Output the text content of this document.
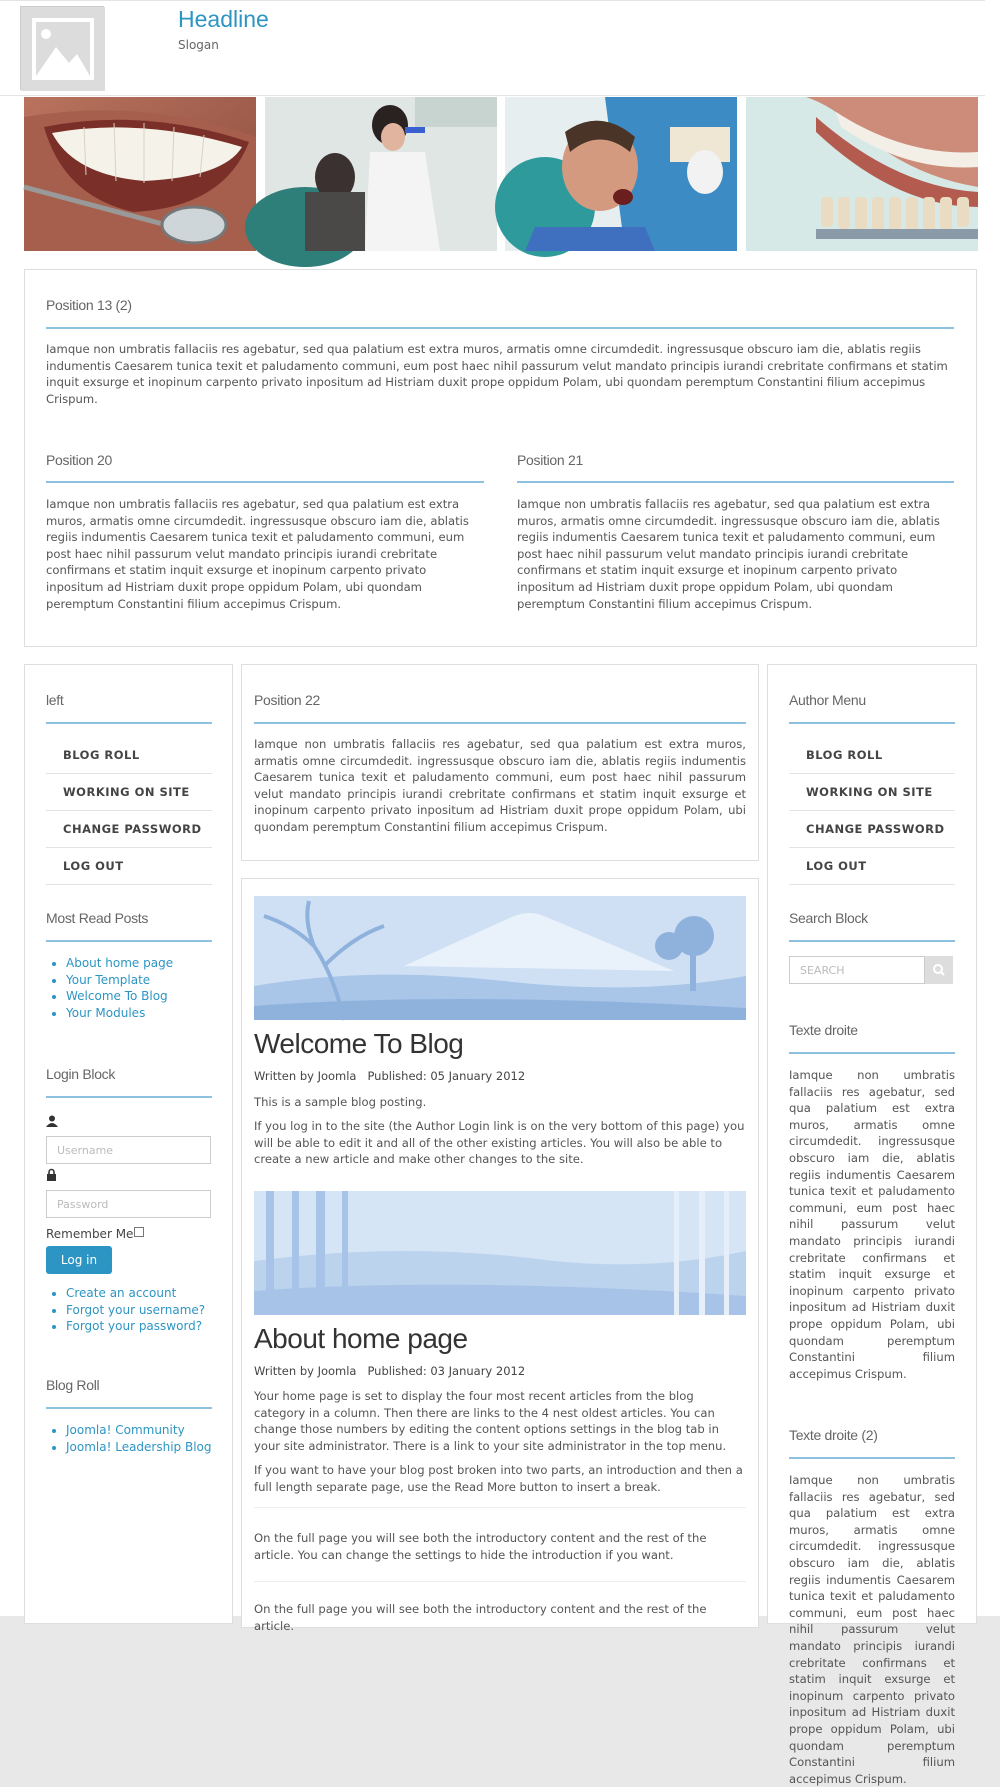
Headline
Slogan
Position 13 (2)
Iamque non umbratis fallaciis res agebatur, sed qua palatium est extra muros, armatis omne circumdedit. ingressusque obscuro iam die, ablatis regiis indumentis Caesarem tunica texit et paludamento communi, eum post haec nihil passurum velut mandato principis iurandi crebritate confirmans et statim inquit exsurge et inopinum carpento privato inpositum ad Histriam duxit prope oppidum Polam, ubi quondam peremptum Constantini filium accepimus Crispum.
Position 20
Iamque non umbratis fallaciis res agebatur, sed qua palatium est extra muros, armatis omne circumdedit. ingressusque obscuro iam die, ablatis regiis indumentis Caesarem tunica texit et paludamento communi, eum post haec nihil passurum velut mandato principis iurandi crebritate confirmans et statim inquit exsurge et inopinum carpento privato inpositum ad Histriam duxit prope oppidum Polam, ubi quondam peremptum Constantini filium accepimus Crispum.
Position 21
Iamque non umbratis fallaciis res agebatur, sed qua palatium est extra muros, armatis omne circumdedit. ingressusque obscuro iam die, ablatis regiis indumentis Caesarem tunica texit et paludamento communi, eum post haec nihil passurum velut mandato principis iurandi crebritate confirmans et statim inquit exsurge et inopinum carpento privato inpositum ad Histriam duxit prope oppidum Polam, ubi quondam peremptum Constantini filium accepimus Crispum.
left
BLOG ROLL
WORKING ON SITE
CHANGE PASSWORD
LOG OUT
Most Read Posts
• About home page
• Your Template
• Welcome To Blog
• Your Modules
Login Block
Username
Password
Remember Me
Log in
• Create an account
• Forgot your username?
• Forgot your password?
Blog Roll
• Joomla! Community
• Joomla! Leadership Blog
Position 22
Iamque non umbratis fallaciis res agebatur, sed qua palatium est extra muros, armatis omne circumdedit. ingressusque obscuro iam die, ablatis regiis indumentis Caesarem tunica texit et paludamento communi, eum post haec nihil passurum velut mandato principis iurandi crebritate confirmans et statim inquit exsurge et inopinum carpento privato inpositum ad Histriam duxit prope oppidum Polam, ubi quondam peremptum Constantini filium accepimus Crispum.
Welcome To Blog
Written by Joomla Published: 05 January 2012
This is a sample blog posting.
If you log in to the site (the Author Login link is on the very bottom of this page) you will be able to edit it and all of the other existing articles. You will also be able to create a new article and make other changes to the site.
About home page
Written by Joomla Published: 03 January 2012
Your home page is set to display the four most recent articles from the blog category in a column. Then there are links to the 4 nest oldest articles. You can change those numbers by editing the content options settings in the blog tab in your site administrator. There is a link to your site administrator in the top menu.
If you want to have your blog post broken into two parts, an introduction and then a full length separate page, use the Read More button to insert a break.
On the full page you will see both the introductory content and the rest of the article. You can change the settings to hide the introduction if you want.
On the full page you will see both the introductory content and the rest of the article.
Author Menu
BLOG ROLL
WORKING ON SITE
CHANGE PASSWORD
LOG OUT
Search Block
SEARCH
Texte droite
Iamque non umbratis fallaciis res agebatur, sed qua palatium est extra muros, armatis omne circumdedit. ingressusque obscuro iam die, ablatis regiis indumentis Caesarem tunica texit et paludamento communi, eum post haec nihil passurum velut mandato principis iurandi crebritate confirmans et statim inquit exsurge et inopinum carpento privato inpositum ad Histriam duxit prope oppidum Polam, ubi quondam peremptum Constantini filium accepimus Crispum.
Texte droite (2)
Iamque non umbratis fallaciis res agebatur, sed qua palatium est extra muros, armatis omne circumdedit. ingressusque obscuro iam die, ablatis regiis indumentis Caesarem tunica texit et paludamento communi, eum post haec nihil passurum velut mandato principis iurandi crebritate confirmans et statim inquit exsurge et inopinum carpento privato inpositum ad Histriam duxit prope oppidum Polam, ubi quondam peremptum Constantini filium accepimus Crispum.
